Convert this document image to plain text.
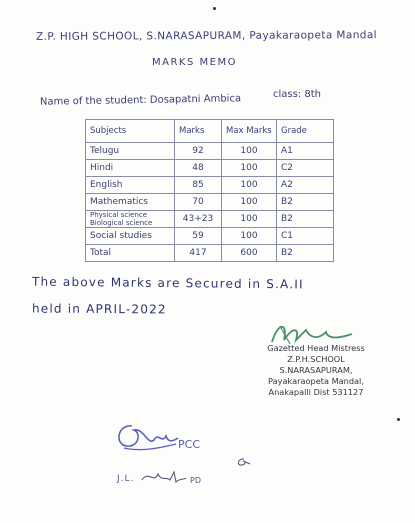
Z.P. HIGH SCHOOL, S.NARASAPURAM, Payakaraopeta Mandal
MARKS MEMO
Name of the student: Dosapatni Ambica	class: 8th
Subjects	Marks	Max Marks	Grade
Telugu	92	100	A1
Hindi	48	100	C2
English	85	100	A2
Mathematics	70	100	B2
Physical science Biological science	43+23	100	B2
Social studies	59	100	C1
Total	417	600	B2
The above Marks are Secured in S.A.II
held in APRIL-2022
Gazetted Head Mistress
Z.P.H.SCHOOL
S.NARASAPURAM,
Payakaraopeta Mandal,
Anakapalli Dist 531127
PCC
J.L.	PD
